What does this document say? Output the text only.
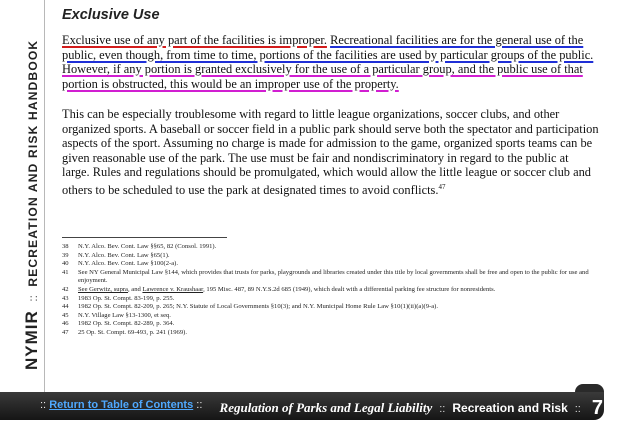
NYMIR :: RECREATION AND RISK HANDBOOK
Exclusive Use
Exclusive use of any part of the facilities is improper. Recreational facilities are for the general use of the public, even though, from time to time, portions of the facilities are used by particular groups of the public. However, if any portion is granted exclusively for the use of a particular group, and the public use of that portion is obstructed, this would be an improper use of the property.
This can be especially troublesome with regard to little league organizations, soccer clubs, and other organized sports. A baseball or soccer field in a public park should serve both the spectator and participation aspects of the sport. Assuming no charge is made for admission to the game, organized sports teams can be given reasonable use of the park. The use must be fair and nondiscriminatory in regard to the public at large. Rules and regulations should be promulgated, which would allow the little league or soccer club and others to be scheduled to use the park at designated times to avoid conflicts.$^{47}$
38	N.Y. Alco. Bev. Cont. Law §§65, 82 (Consol. 1991).
39	N.Y. Alco. Bev. Cont. Law §65(1).
40	N.Y. Alco. Bev. Cont. Law §100(2-a).
41	See NY General Municipal Law §144, which provides that trusts for parks, playgrounds and libraries created under this title by local governments shall be free and open to the public for use and enjoyment.
42	See Gerwitz, supra, and Lawrence v. Kraushaar, 195 Misc. 487, 89 N.Y.S.2d 685 (1949), which dealt with a differential parking fee structure for nonresidents.
43	1983 Op. St. Compt. 83-199, p. 255.
44	1982 Op. St. Compt. 82-209, p. 265; N.Y. Statute of Local Governments §10(3); and N.Y. Municipal Home Rule Law §10(1)(ii)(a)(9-a).
45	N.Y. Village Law §13-1300, et seq.
46	1982 Op. St. Compt. 82-289, p. 364.
47	25 Op. St. Compt. 69-493, p. 241 (1969).
:: Return to Table of Contents :: Regulation of Parks and Legal Liability :: Recreation and Risk :: 7
